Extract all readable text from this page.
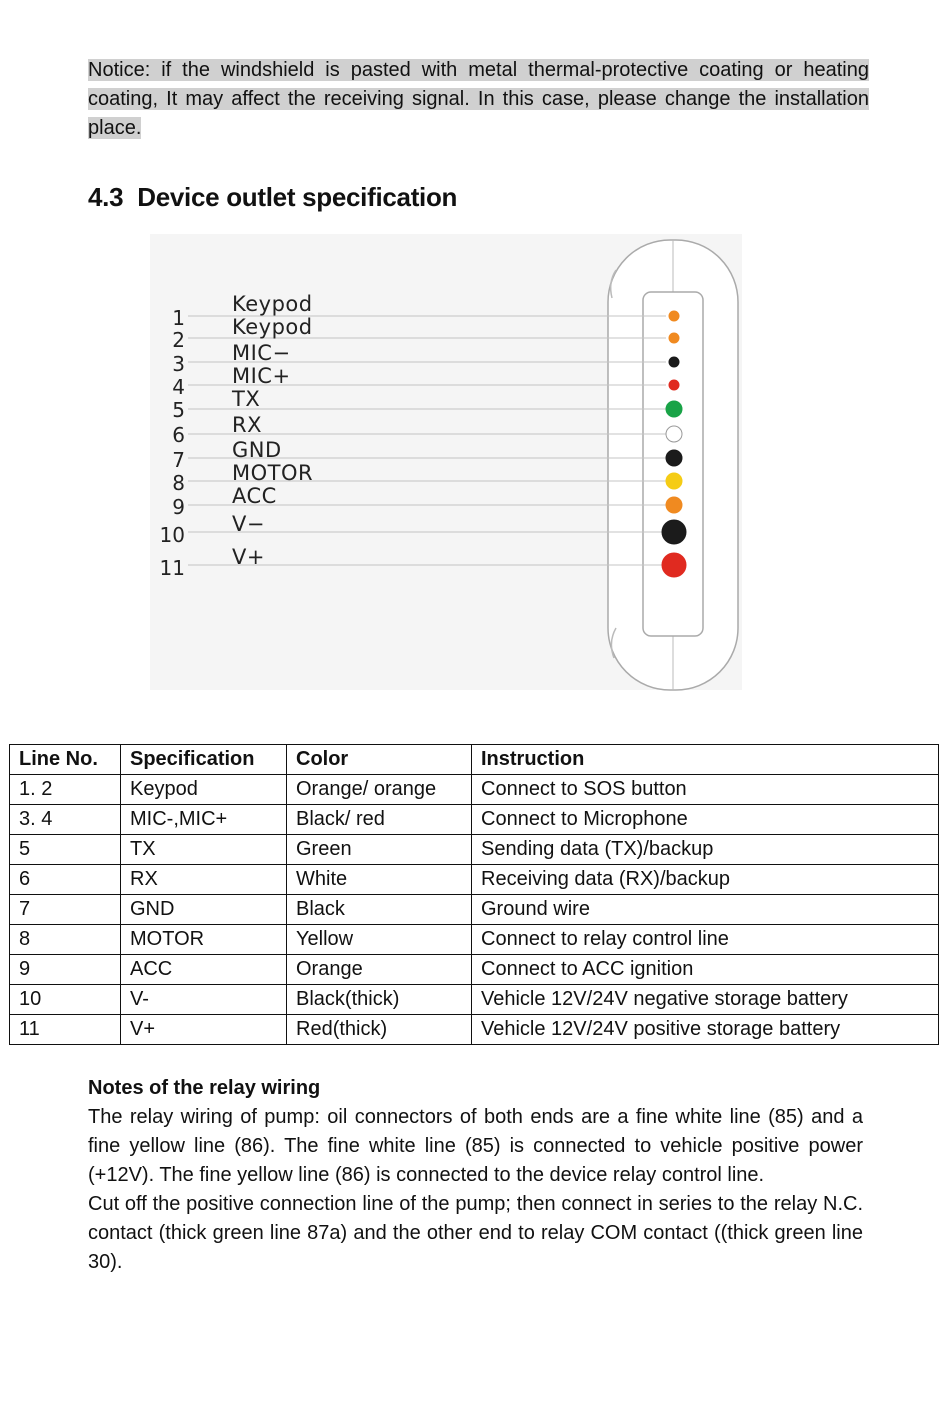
Notice: if the windshield is pasted with metal thermal-protective coating or heating coating, It may affect the receiving signal. In this case, please change the installation place.
4.3 Device outlet specification
1
Keypod
2
Keypod
3 MIC−
4 MIC+
5 TX
6 RX
7 GND
8 MOTOR
9 ACC
10 V−
11 V+
Line No.	Specification	Color	Instruction
1. 2	Keypod	Orange/ orange	Connect to SOS button
3. 4	MIC-,MIC+	Black/ red	Connect to Microphone
5	TX	Green	Sending data (TX)/backup
6	RX	White	Receiving data (RX)/backup
7	GND	Black	Ground wire
8	MOTOR	Yellow	Connect to relay control line
9	ACC	Orange	Connect to ACC ignition
10	V-	Black(thick)	Vehicle 12V/24V negative storage battery
11	V+	Red(thick)	Vehicle 12V/24V positive storage battery
Notes of the relay wiring

The relay wiring of pump: oil connectors of both ends are a fine white line (85) and a fine yellow line (86). The fine white line (85) is connected to vehicle positive power (+12V). The fine yellow line (86) is connected to the device relay control line.

Cut off the positive connection line of the pump; then connect in series to the relay N.C. contact (thick green line 87a) and the other end to relay COM contact ((thick green line 30).
